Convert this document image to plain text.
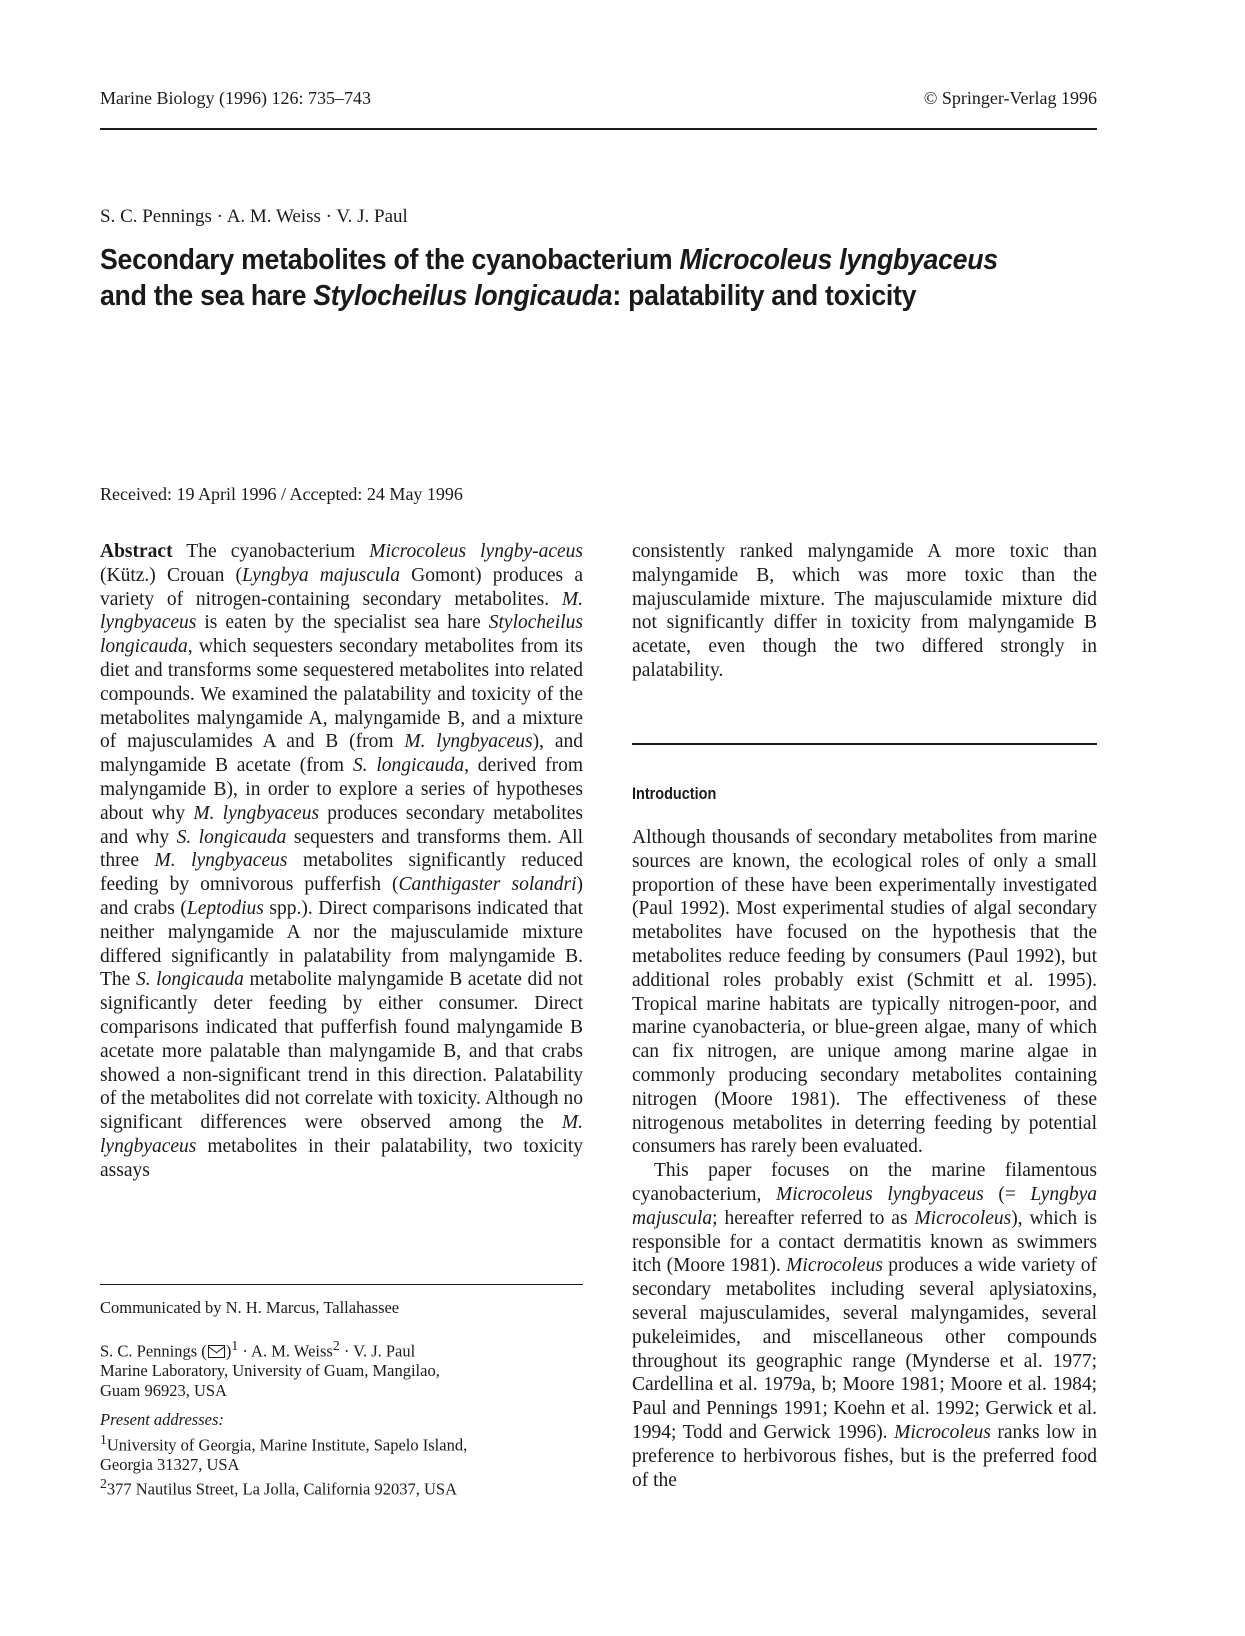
Marine Biology (1996) 126: 735–743	© Springer-Verlag 1996
S. C. Pennings · A. M. Weiss · V. J. Paul
Secondary metabolites of the cyanobacterium Microcoleus lyngbyaceus
and the sea hare Stylocheilus longicauda: palatability and toxicity
Received: 19 April 1996 / Accepted: 24 May 1996

Abstract The cyanobacterium Microcoleus lyngby-aceus (Kütz.) Crouan (Lyngbya majuscula Gomont) produces a variety of nitrogen-containing secondary metabolites. M. lyngbyaceus is eaten by the specialist sea hare Stylocheilus longicauda, which sequesters secondary metabolites from its diet and transforms some sequestered metabolites into related compounds. We examined the palatability and toxicity of the metabolites malyngamide A, malyngamide B, and a mixture of majusculamides A and B (from M. lyngbyaceus), and malyngamide B acetate (from S. longicauda, derived from malyngamide B), in order to explore a series of hypotheses about why M. lyngbyaceus produces secondary metabolites and why S. longicauda sequesters and transforms them. All three M. lyngbyaceus metabolites significantly reduced feeding by omnivorous pufferfish (Canthigaster solandri) and crabs (Leptodius spp.). Direct comparisons indicated that neither malyngamide A nor the majusculamide mixture differed significantly in palatability from malyngamide B. The S. longicauda metabolite malyngamide B acetate did not significantly deter feeding by either consumer. Direct comparisons indicated that pufferfish found malyngamide B acetate more palatable than malyngamide B, and that crabs showed a non-significant trend in this direction. Palatability of the metabolites did not correlate with toxicity. Although no significant differences were observed among the M. lyngbyaceus metabolites in their palatability, two toxicity assays

consistently ranked malyngamide A more toxic than malyngamide B, which was more toxic than the majusculamide mixture. The majusculamide mixture did not significantly differ in toxicity from malyngamide B acetate, even though the two differed strongly in palatability.

Introduction

Although thousands of secondary metabolites from marine sources are known, the ecological roles of only a small proportion of these have been experimentally investigated (Paul 1992). Most experimental studies of algal secondary metabolites have focused on the hypothesis that the metabolites reduce feeding by consumers (Paul 1992), but additional roles probably exist (Schmitt et al. 1995). Tropical marine habitats are typically nitrogen-poor, and marine cyanobacteria, or blue-green algae, many of which can fix nitrogen, are unique among marine algae in commonly producing secondary metabolites containing nitrogen (Moore 1981). The effectiveness of these nitrogenous metabolites in deterring feeding by potential consumers has rarely been evaluated.

This paper focuses on the marine filamentous cyanobacterium, Microcoleus lyngbyaceus (= Lyngbya majuscula; hereafter referred to as Microcoleus), which is responsible for a contact dermatitis known as swimmers itch (Moore 1981). Microcoleus produces a wide variety of secondary metabolites including several aplysiatoxins, several majusculamides, several malyngamides, several pukeleimides, and miscellaneous other compounds throughout its geographic range (Mynderse et al. 1977; Cardellina et al. 1979a, b; Moore 1981; Moore et al. 1984; Paul and Pennings 1991; Koehn et al. 1992; Gerwick et al. 1994; Todd and Gerwick 1996). Microcoleus ranks low in preference to herbivorous fishes, but is the preferred food of the

Communicated by N. H. Marcus, Tallahassee

S. C. Pennings ( )$^1$ · A. M. Weiss$^2$ · V. J. Paul

Marine Laboratory, University of Guam, Mangilao,

Guam 96923, USA

Present addresses:

$^1$University of Georgia, Marine Institute, Sapelo Island,

Georgia 31327, USA

$^2$377 Nautilus Street, La Jolla, California 92037, USA
